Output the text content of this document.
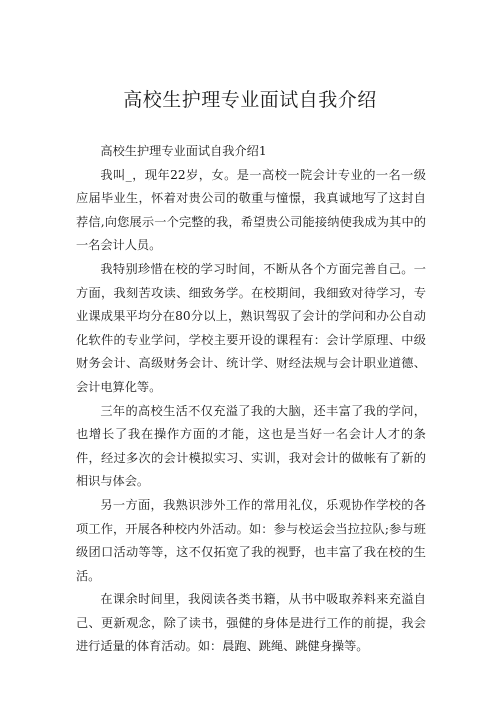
高校生护理专业面试自我介绍

高校生护理专业面试自我介绍1

我叫_，现年22岁，女。是一高校一院会计专业的一名一级应届毕业生，怀着对贵公司的敬重与憧憬，我真诚地写了这封自荐信,向您展示一个完整的我，希望贵公司能接纳使我成为其中的一名会计人员。

我特别珍惜在校的学习时间，不断从各个方面完善自己。一方面，我刻苦攻读、细致务学。在校期间，我细致对待学习，专业课成果平均分在80分以上，熟识驾驭了会计的学问和办公自动化软件的专业学问，学校主要开设的课程有：会计学原理、中级财务会计、高级财务会计、统计学、财经法规与会计职业道德、会计电算化等。

三年的高校生活不仅充溢了我的大脑，还丰富了我的学问，也增长了我在操作方面的才能，这也是当好一名会计人才的条件，经过多次的会计模拟实习、实训，我对会计的做帐有了新的相识与体会。

另一方面，我熟识涉外工作的常用礼仪，乐观协作学校的各项工作，开展各种校内外活动。如：参与校运会当拉拉队;参与班级团口活动等等，这不仅拓宽了我的视野，也丰富了我在校的生活。

在课余时间里，我阅读各类书籍，从书中吸取养料来充溢自己、更新观念，除了读书，强健的身体是进行工作的前提，我会进行适量的体育活动。如：晨跑、跳绳、跳健身操等。
